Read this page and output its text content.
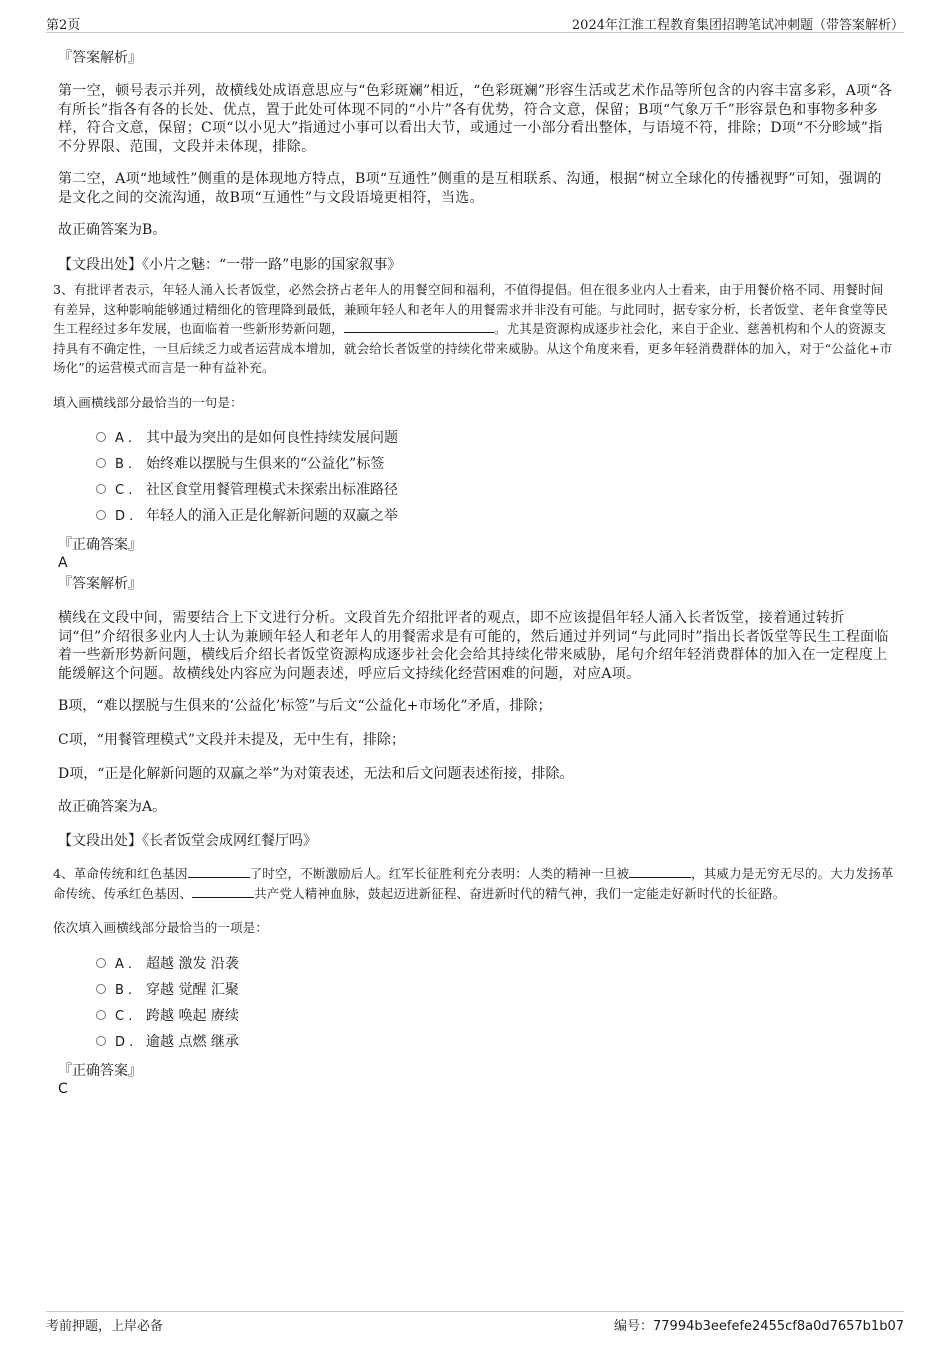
第2页	2024年江淮工程教育集团招聘笔试冲刺题（带答案解析）
『答案解析』
第一空，顿号表示并列，故横线处成语意思应与“色彩斑斓”相近，“色彩斑斓”形容生活或艺术作品等所包含的内容丰富多彩，A项“各有所长”指各有各的长处、优点，置于此处可体现不同的“小片”各有优势，符合文意，保留；B项“气象万千”形容景色和事物多种多样，符合文意，保留；C项“以小见大”指通过小事可以看出大节，或通过一小部分看出整体，与语境不符，排除；D项“不分畛域”指不分界限、范围，文段并未体现，排除。
第二空，A项“地域性”侧重的是体现地方特点，B项“互通性”侧重的是互相联系、沟通，根据“树立全球化的传播视野”可知，强调的是文化之间的交流沟通，故B项“互通性”与文段语境更相符，当选。
故正确答案为B。
【文段出处】《小片之魅：“一带一路”电影的国家叙事》
3、有批评者表示，年轻人涌入长者饭堂，必然会挤占老年人的用餐空间和福利，不值得提倡。但在很多业内人士看来，由于用餐价格不同、用餐时间有差异，这种影响能够通过精细化的管理降到最低，兼顾年轻人和老年人的用餐需求并非没有可能。与此同时，据专家分析，长者饭堂、老年食堂等民生工程经过多年发展，也面临着一些新形势新问题，	。尤其是资源构成逐步社会化，来自于企业、慈善机构和个人的资源支持具有不确定性，一旦后续乏力或者运营成本增加，就会给长者饭堂的持续化带来威胁。从这个角度来看，更多年轻消费群体的加入，对于“公益化+市场化”的运营模式而言是一种有益补充。
填入画横线部分最恰当的一句是：
A . 其中最为突出的是如何良性持续发展问题
B . 始终难以摆脱与生俱来的“公益化”标签
C . 社区食堂用餐管理模式未探索出标准路径
D . 年轻人的涌入正是化解新问题的双赢之举
『正确答案』
A
『答案解析』
横线在文段中间，需要结合上下文进行分析。文段首先介绍批评者的观点，即不应该提倡年轻人涌入长者饭堂，接着通过转折词“但”介绍很多业内人士认为兼顾年轻人和老年人的用餐需求是有可能的，然后通过并列词“与此同时”指出长者饭堂等民生工程面临着一些新形势新问题，横线后介绍长者饭堂资源构成逐步社会化会给其持续化带来威胁，尾句介绍年轻消费群体的加入在一定程度上能缓解这个问题。故横线处内容应为问题表述，呼应后文持续化经营困难的问题，对应A项。
B项，“难以摆脱与生俱来的‘公益化’标签”与后文“公益化+市场化”矛盾，排除；
C项，“用餐管理模式”文段并未提及，无中生有，排除；
D项，“正是化解新问题的双赢之举”为对策表述，无法和后文问题表述衔接，排除。
故正确答案为A。
【文段出处】《长者饭堂会成网红餐厅吗》
4、革命传统和红色基因	了时空，不断激励后人。红军长征胜利充分表明：人类的精神一旦被	，其威力是无穷无尽的。大力发扬革命传统、传承红色基因、	共产党人精神血脉，鼓起迈进新征程、奋进新时代的精气神，我们一定能走好新时代的长征路。
依次填入画横线部分最恰当的一项是：
A . 超越 激发 沿袭
B . 穿越 觉醒 汇聚
C . 跨越 唤起 赓续
D . 逾越 点燃 继承
『正确答案』
C
考前押题，上岸必备	编号：77994b3eefefe2455cf8a0d7657b1b07
